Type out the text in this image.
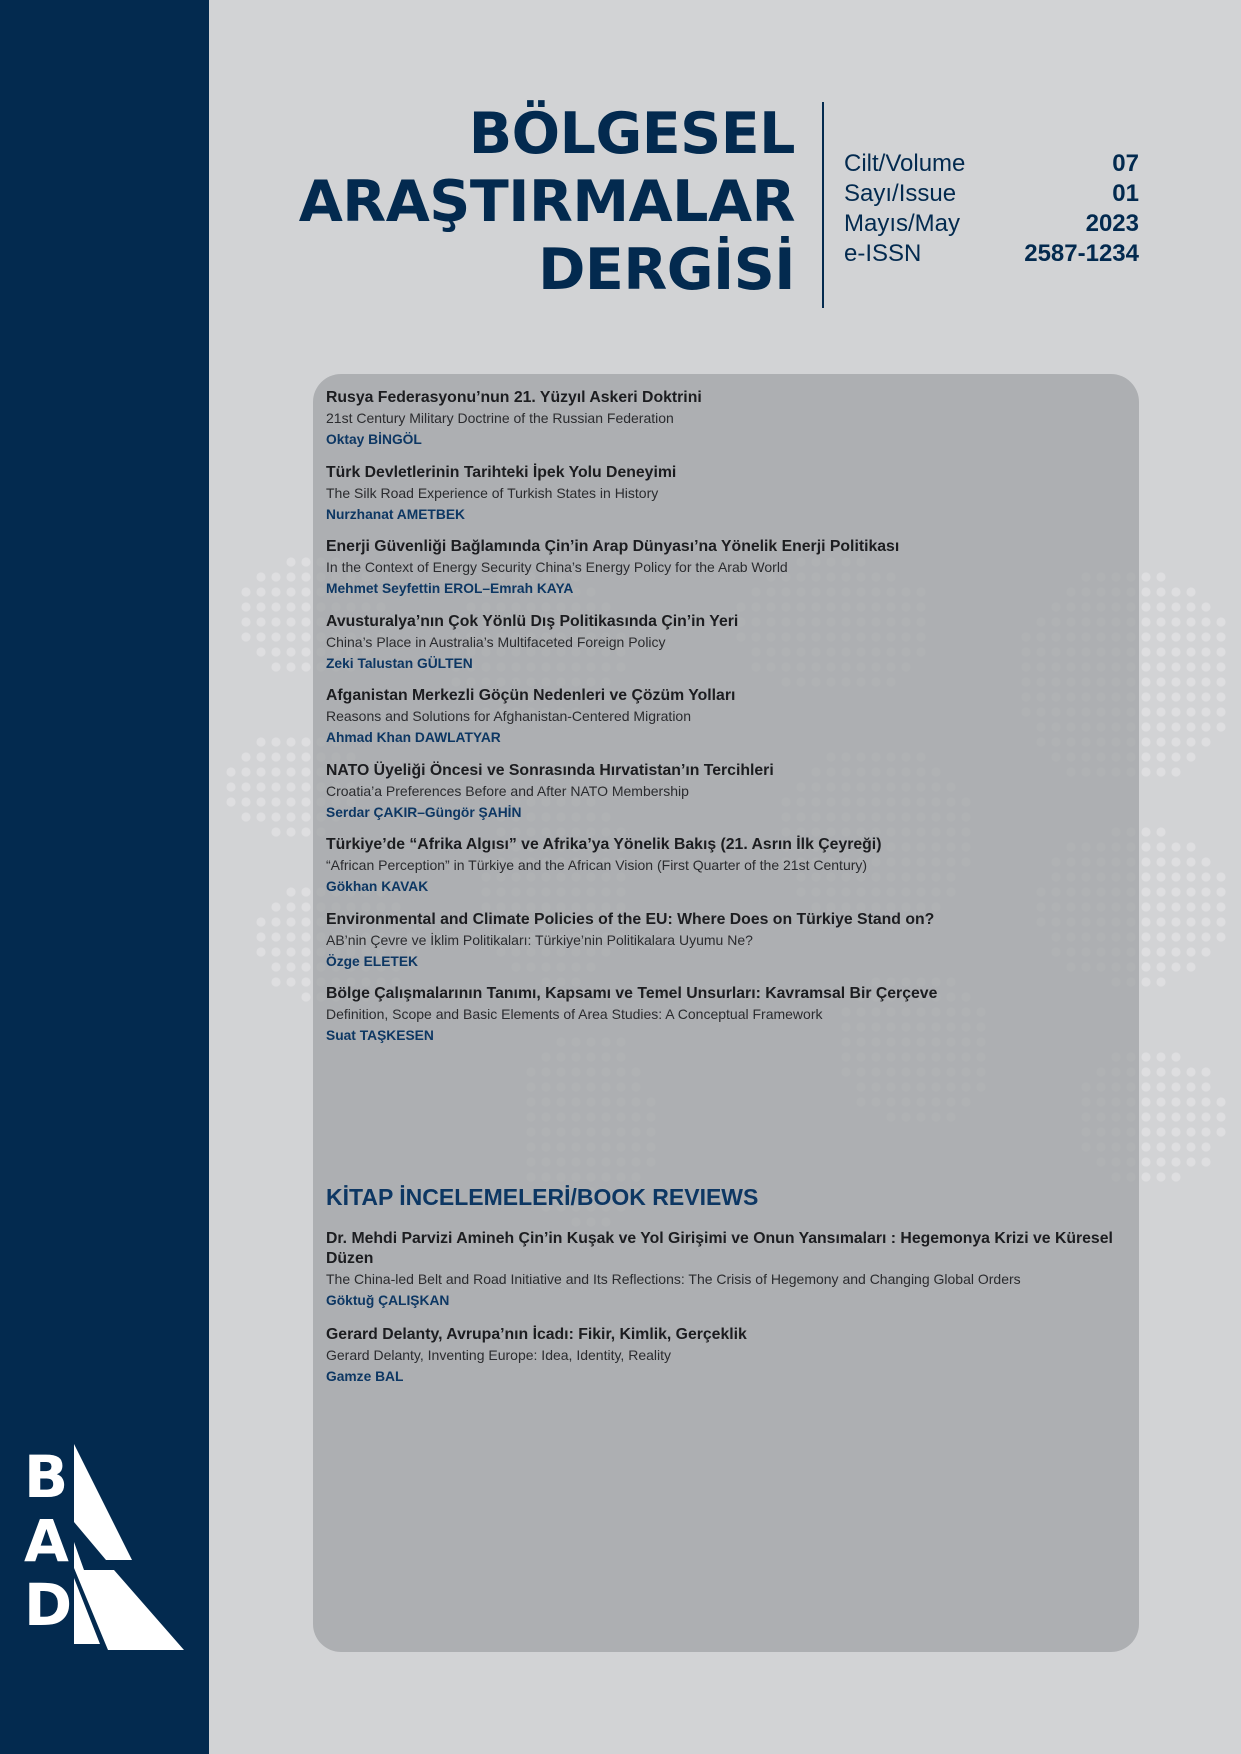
B
A
D
BÖLGESEL
ARAŞTIRMALAR
DERGİSİ
Cilt/Volume	07
Sayı/Issue	01
Mayıs/May	2023
e-ISSN	2587-1234
Rusya Federasyonu’nun 21. Yüzyıl Askeri Doktrini
21st Century Military Doctrine of the Russian Federation
Oktay BİNGÖL
Türk Devletlerinin Tarihteki İpek Yolu Deneyimi
The Silk Road Experience of Turkish States in History
Nurzhanat AMETBEK
Enerji Güvenliği Bağlamında Çin’in Arap Dünyası’na Yönelik Enerji Politikası
In the Context of Energy Security China’s Energy Policy for the Arab World
Mehmet Seyfettin EROL–Emrah KAYA
Avusturalya’nın Çok Yönlü Dış Politikasında Çin’in Yeri
China’s Place in Australia’s Multifaceted Foreign Policy
Zeki Talustan GÜLTEN
Afganistan Merkezli Göçün Nedenleri ve Çözüm Yolları
Reasons and Solutions for Afghanistan-Centered Migration
Ahmad Khan DAWLATYAR
NATO Üyeliği Öncesi ve Sonrasında Hırvatistan’ın Tercihleri
Croatia’a Preferences Before and After NATO Membership
Serdar ÇAKIR–Güngör ŞAHİN
Türkiye’de “Afrika Algısı” ve Afrika’ya Yönelik Bakış (21. Asrın İlk Çeyreği)
“African Perception” in Türkiye and the African Vision (First Quarter of the 21st Century)
Gökhan KAVAK
Environmental and Climate Policies of the EU: Where Does on Türkiye Stand on?
AB’nin Çevre ve İklim Politikaları: Türkiye’nin Politikalara Uyumu Ne?
Özge ELETEK
Bölge Çalışmalarının Tanımı, Kapsamı ve Temel Unsurları: Kavramsal Bir Çerçeve
Definition, Scope and Basic Elements of Area Studies: A Conceptual Framework
Suat TAŞKESEN
KİTAP İNCELEMELERİ/BOOK REVIEWS
Dr. Mehdi Parvizi Amineh Çin’in Kuşak ve Yol Girişimi ve Onun Yansımaları : Hegemonya Krizi ve Küresel Düzen
The China-led Belt and Road Initiative and Its Reflections: The Crisis of Hegemony and Changing Global Orders
Göktuğ ÇALIŞKAN
Gerard Delanty, Avrupa’nın İcadı: Fikir, Kimlik, Gerçeklik
Gerard Delanty, Inventing Europe: Idea, Identity, Reality
Gamze BAL
